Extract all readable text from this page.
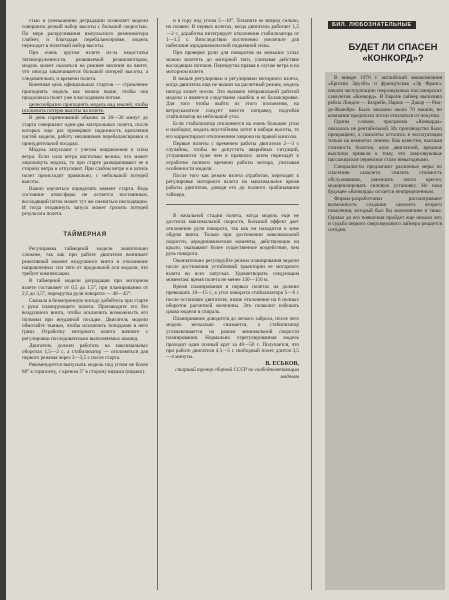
стью и уменьшению деградации позволяет модели совершить резкий набор высоты с большой скоростью. По мере раскручивания импульсного резиномотора слабеет, и благодаря перебалансировке, модель переходит в полетный набор высоты.

При очень крутом взлете из-за недостатка тяговооруженности, развиваемой резиномотором, модель может оказаться на режиме висения на винте, что иногда заканчивается большой потерей высоты, а следовательно, и времени полета.

Конечная цель официальных стартов — стремление приподнять модель как можно выше, чтобы она продолжила полет уже в восходящем потоке.

целесообразно приподнять модель над землей, чтобы исключить потерю высоты на взлете.

В день соревнований обычно за 20—30 минут до старта совершают один-два контрольных полета, после которых еще раз проверяют надежность крепления частей модели, работу механизмов перебалансировки и принудительной посадки.

Модель запускают с учетом направления и силы ветра. Если сила ветра настолько велика, что может опрокинуть модель, то при старте разворачивают ее в сторону ветра и отпускают. При слабом ветре и в штиль полет происходит правильно, с небольшой потерей высоты.

Важно научиться определять момент старта. Ведь состояние атмосферы не остается постоянным, восходящий поток может тут же смениться нисходящим. И тогда отодвинуть запуск может грозить потерей результата полета.

ТАЙМЕРНАЯ

Регулировка таймерной модели значительно сложнее, так как при работе двигателя возникает реактивный момент воздушного винта и отклонение направленных сил тяги от продольной оси модели, что требует компенсации.

В таймерной модели деградация при моторном взлете составляет от 0,5 до 1,5°, при планировании от 2,5 до 3,5°, перекрутка руля поворота — 40—45°.

Сначала в безветренную погоду добейтесь при старте с руки планирующего полета. Производите это без воздушного винта, чтобы исключить возможность его поломки при неудачной посадке. Двигатель модели обмотайте тканью, чтобы исключить попадание в него грязи. Отработку моторного взлета начните с регулировки последовательно выполняемых команд.

Двигатель должен работать на максимальных оборотах 1,5—2 с, а стабилизатор — отклоняться для первого режима через 3—3,5 с после старта.

Рекомендуется выпускать модель под углом не более 80° к горизонту, с креном 5° в сторону виража (вправо).

и в гору под углом 5—10°. Толкните ее вперед сильно, но плавно. В первых взлетах, когда двигатель работает 1,5—2 с, доработка интегрирует отклонение стабилизатора от 1—1,5 с. Впоследствии постепенно увеличьте для набегания аэродинамической подъемной силы.

При проверке рули для поворотов на меньших углах можно взлететь до моторной тяги, учитывая действие восходящих потоков. Перекрутка правая в случае ветра и на моторном взлете.

В начале регулировки и регулировки моторного взлета, когда двигатель еще не вышел на расчетный режим, модель иногда клюет носом. Это вызвано неправильной работой модели и является следствием ошибок в ее балансировке. Для того чтобы выйти из этого положения, на ветроуказателе следует внести поправку, подгибая стабилизатор на небольшой угол.

Если стабилизатор отклоняется на очень большие углы и наоборот, модель неустойчиво летит в наборе высоты, то его корректируют отклонением элерона на правой консоли.

Первые полеты с временем работы двигателя 2—3 с случайны, чтобы не допустить аварийных ситуаций, устраиваются хуже чем в правилах; затем переходят к отработке полного времени работы мотора, учитывая особенности модели.

После того как режим взлета отработан, переходят к регулировке моторного взлета на максимальное время работы двигателя, доводя его до полного срабатывания таймера.

В начальной стадии полета, когда модель еще не достигла максимальной скорости, большой эффект дает отклонение руля поворота, так как он находится в зоне обдува винта. Только при достижении максимальной скорости, аэродинамические моменты, действующие на крыло, оказывают более существенное воздействие, чем руль поворота.

Окончательно регулируйте режим планирования модели после достижения устойчивой траектории ее моторного взлета во всех запусках. Удовлетворить следующим моментам: время полета не менее 130—150 м.

Время планирования в первых полетах на должно превышать 10—15 с, а угол поворота стабилизатора 5—6 с после остановки двигателя, иначе отклонение на 6 полных оборотов расчетной величины. Это позволит избежать срыва модели в спираль.

Планирование доводится до легкого заброса, после чего модель несколько снижается, а стабилизатор устанавливается на режим минимальной скорости планирования. Нормально отрегулированная модель проходит один полный круг за 40—50 с. Получается, что при работе двигателя 4,5—5 с свободный полет длится 3,5—4 минуты.

В. ЕСЬКОВ,
старший тренер сборной СССР по свободнолетающим моделям

БИЛ. ЛЮБОЗНАТЕЛЬНЫЕ
БУДЕТ ЛИ СПАСЕН «КОНКОРД»?

В январе 1976 г. английский авиакомпания «Бритиш Эруэйз» и французская «Эр Франс» начали эксплуатацию сверхзвуковых пассажирских самолетов «Конкорд». В Европе лайнер выполнял рейсы Лондон — Бахрейн, Париж — Дакар — Рио-де-Жанейро. Было заказано около 70 машин, но компании предпочли потом отказаться от покупки.

Одним словом, программа «Конкорда» оказалась не рентабельной. Их производство было прекращено, а самолеты остались в эксплуатации только на немногих линиях. Как известно, высокая стоимость билетов, шум двигателей, вредные выхлопы привели к тому, что сверхзвуковые пассажирские перевозки стали невыгодными.

Специалисты предлагают различные меры по спасению самолета: снизить стоимость обслуживания, увеличить число кресел, модернизировать силовую установку. Но пока будущее «Конкорда» остается неопределенным.

Фирмы-разработчики рассматривают возможность создания самолета второго поколения, который был бы экономичнее и тише. Однако до его появления пройдет еще немало лет, и судьба первого сверхзвукового лайнера решается сегодня.
